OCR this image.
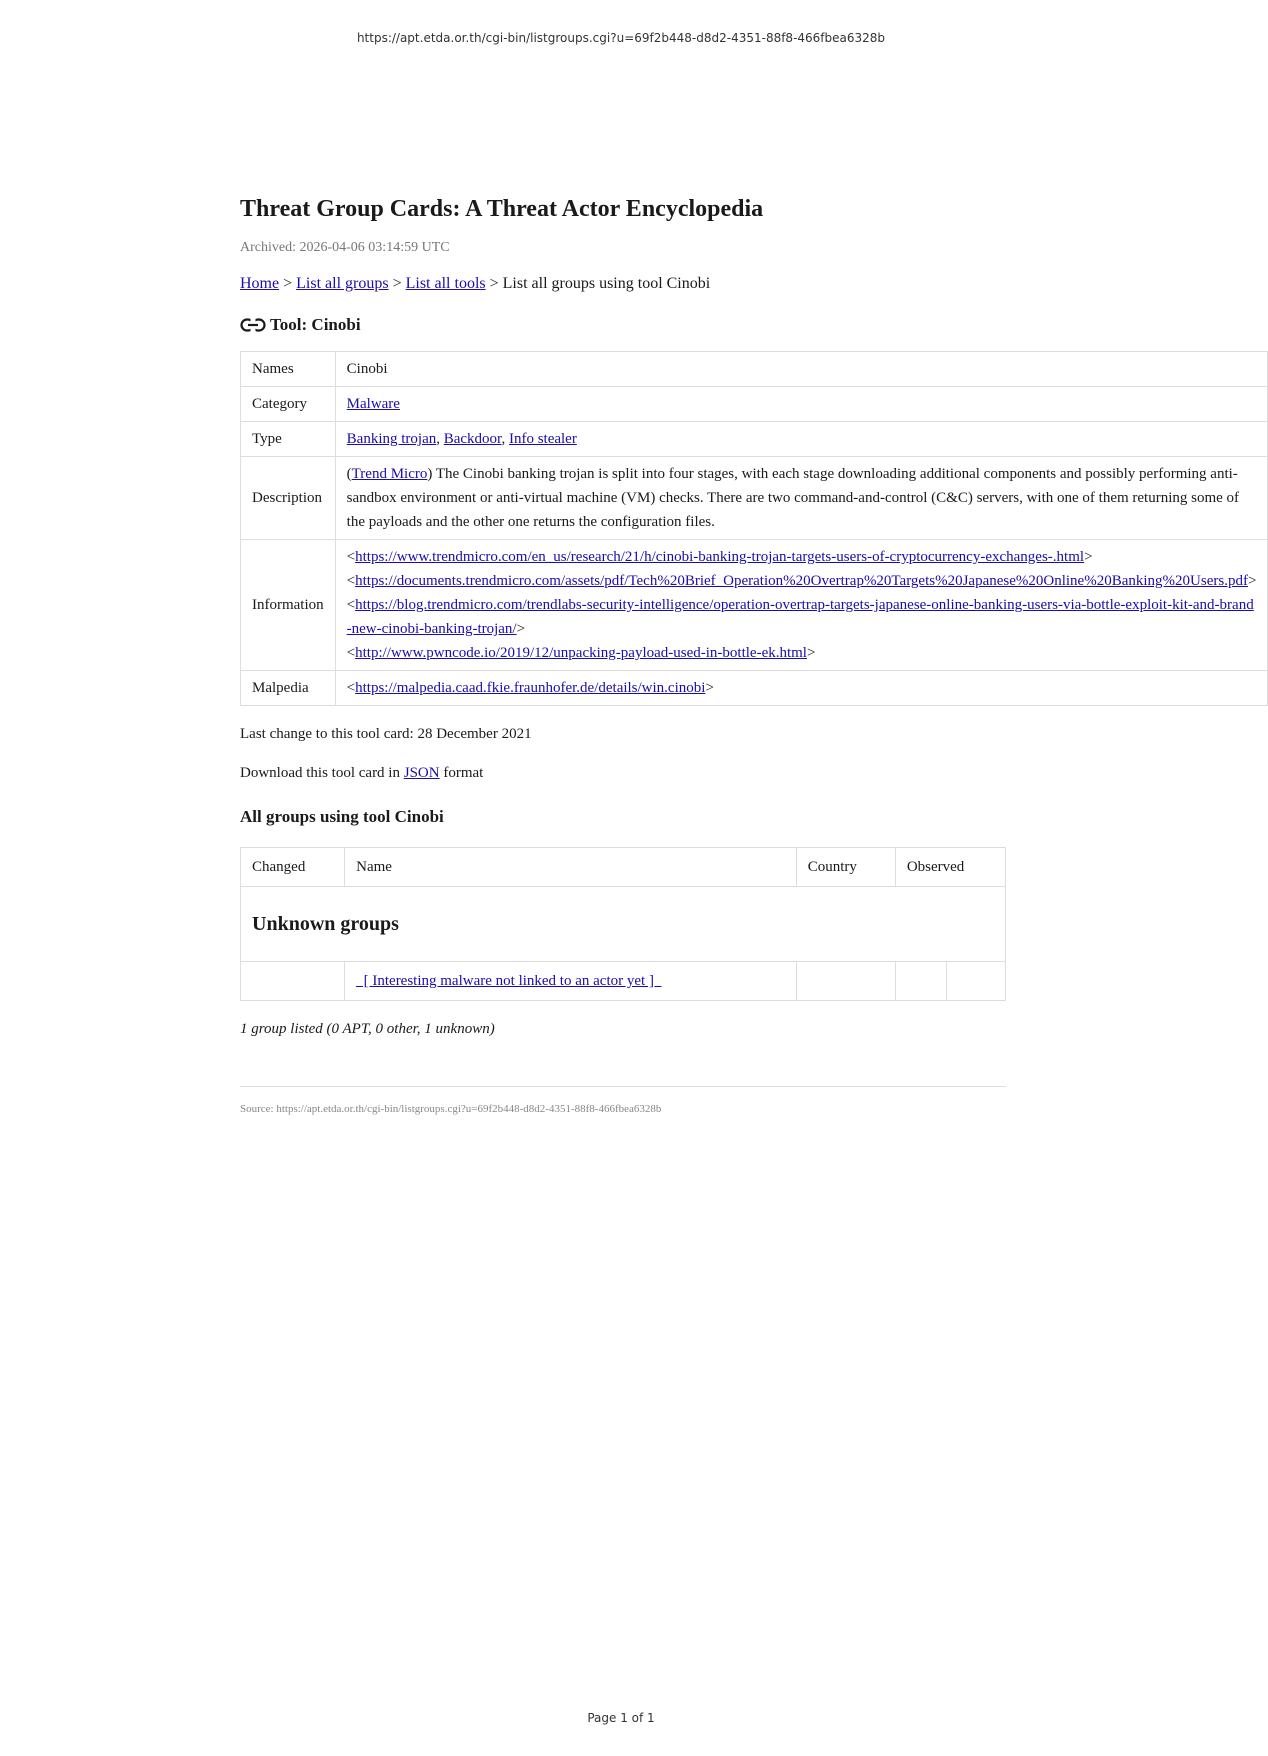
https://apt.etda.or.th/cgi-bin/listgroups.cgi?u=69f2b448-d8d2-4351-88f8-466fbea6328b
Threat Group Cards: A Threat Actor Encyclopedia
Archived: 2026-04-06 03:14:59 UTC
Home > List all groups > List all tools > List all groups using tool Cinobi
Tool: Cinobi
Names	Cinobi
Category	Malware
Type	Banking trojan, Backdoor, Info stealer
Description	(Trend Micro) The Cinobi banking trojan is split into four stages, with each stage downloading additional components and possibly performing anti-sandbox environment or anti-virtual machine (VM) checks. There are two command-and-control (C&C) servers, with one of them returning some of the payloads and the other one returns the configuration files.
Information	<https://www.trendmicro.com/en_us/research/21/h/cinobi-banking-trojan-targets-users-of-cryptocurrency-exchanges-.html>
<https://documents.trendmicro.com/assets/pdf/Tech%20Brief_Operation%20Overtrap%20Targets%20Japanese%20Online%20Banking%20Users.pdf>
<https://blog.trendmicro.com/trendlabs-security-intelligence/operation-overtrap-targets-japanese-online-banking-users-via-bottle-exploit-kit-and-brand-new-cinobi-banking-trojan/>
<http://www.pwncode.io/2019/12/unpacking-payload-used-in-bottle-ek.html>

Malpedia	<https://malpedia.caad.fkie.fraunhofer.de/details/win.cinobi>
Last change to this tool card: 28 December 2021
Download this tool card in JSON format
All groups using tool Cinobi
Changed	Name	Country	Observed	
Unknown groups				
	[ Interesting malware not linked to an actor yet ]			
1 group listed (0 APT, 0 other, 1 unknown)
Source: https://apt.etda.or.th/cgi-bin/listgroups.cgi?u=69f2b448-d8d2-4351-88f8-466fbea6328b
Page 1 of 1
